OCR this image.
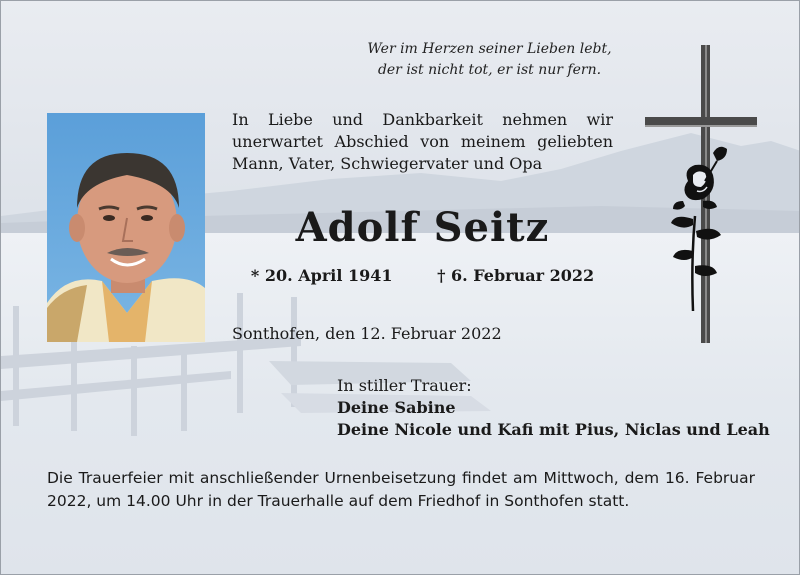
Wer im Herzen seiner Lieben lebt,
der ist nicht tot, er ist nur fern.
In Liebe und Dankbarkeit nehmen wir unerwartet Abschied von meinem geliebten Mann, Vater, Schwiegervater und Opa
Adolf Seitz
* 20. April 1941	† 6. Februar 2022
Sonthofen, den 12. Februar 2022
In stiller Trauer:
Deine Sabine
Deine Nicole und Kafi mit Pius, Niclas und Leah
Die Trauerfeier mit anschließender Urnenbeisetzung findet am Mittwoch, dem 16. Februar 2022, um 14.00 Uhr in der Trauerhalle auf dem Friedhof in Sonthofen statt.
